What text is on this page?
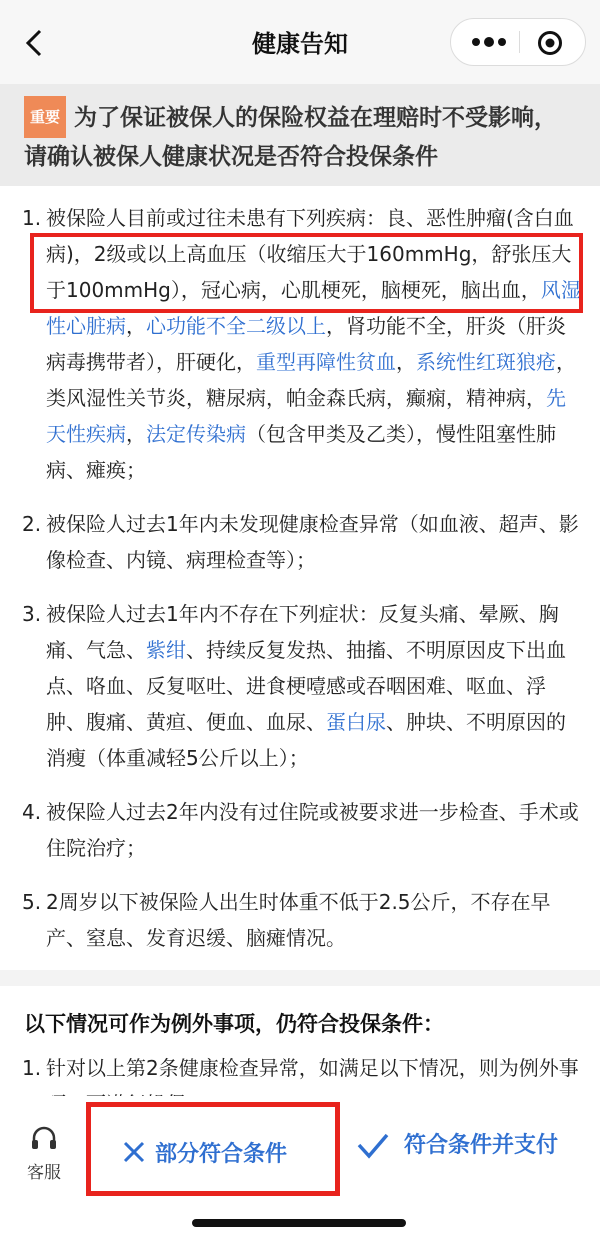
健康告知
重要 为了保证被保人的保险权益在理赔时不受影响，请确认被保人健康状况是否符合投保条件
1. 被保险人目前或过往未患有下列疾病：良、恶性肿瘤(含白血病)，2级或以上高血压（收缩压大于160mmHg，舒张压大于100mmHg），冠心病，心肌梗死，脑梗死，脑出血，风湿性心脏病，心功能不全二级以上，肾功能不全，肝炎（肝炎病毒携带者），肝硬化，重型再障性贫血，系统性红斑狼疮，类风湿性关节炎，糖尿病，帕金森氏病，癫痫，精神病，先天性疾病，法定传染病（包含甲类及乙类），慢性阻塞性肺病、瘫痪；
2. 被保险人过去1年内未发现健康检查异常（如血液、超声、影像检查、内镜、病理检查等）；
3. 被保险人过去1年内不存在下列症状：反复头痛、晕厥、胸痛、气急、紫绀、持续反复发热、抽搐、不明原因皮下出血点、咯血、反复呕吐、进食梗噎感或吞咽困难、呕血、浮肿、腹痛、黄疸、便血、血尿、蛋白尿、肿块、不明原因的消瘦（体重减轻5公斤以上）；
4. 被保险人过去2年内没有过住院或被要求进一步检查、手术或住院治疗；
5. 2周岁以下被保险人出生时体重不低于2.5公斤，不存在早产、窒息、发育迟缓、脑瘫情况。
以下情况可作为例外事项，仍符合投保条件：
1. 针对以上第2条健康检查异常，如满足以下情况，则为例外事
客服
部分符合条件	符合条件并支付
